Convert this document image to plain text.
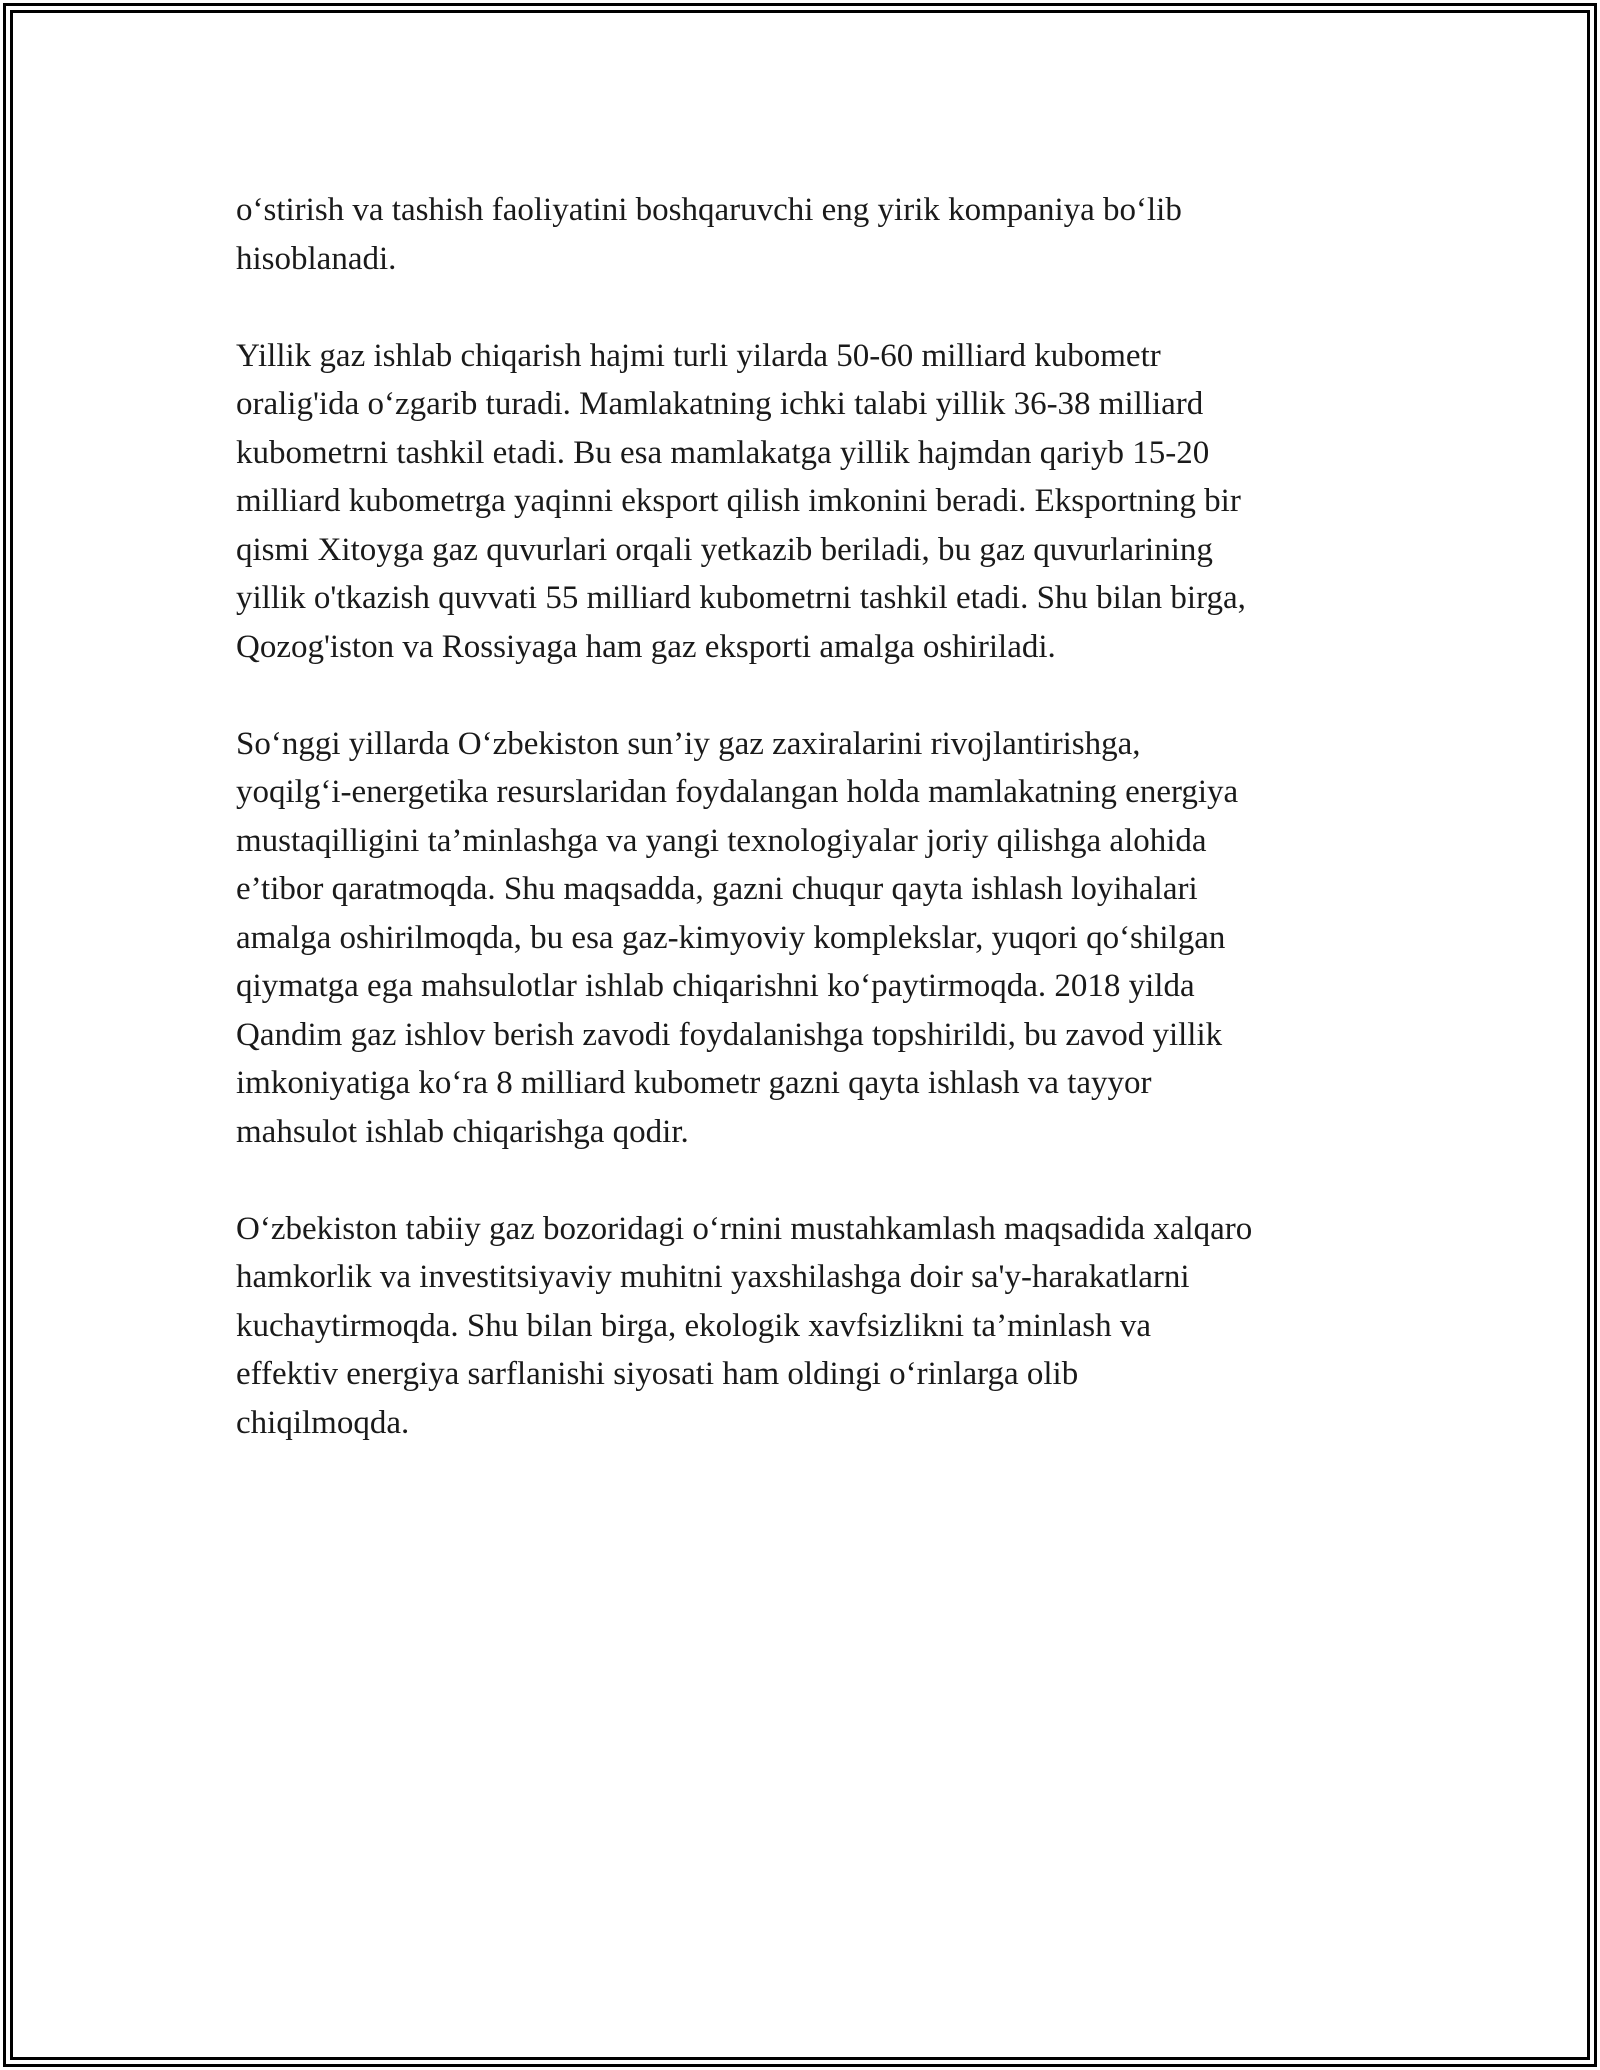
o‘stirish va tashish faoliyatini boshqaruvchi eng yirik kompaniya bo‘lib
hisoblanadi.

Yillik gaz ishlab chiqarish hajmi turli yilarda 50-60 milliard kubometr
oralig'ida o‘zgarib turadi. Mamlakatning ichki talabi yillik 36-38 milliard
kubometrni tashkil etadi. Bu esa mamlakatga yillik hajmdan qariyb 15-20
milliard kubometrga yaqinni eksport qilish imkonini beradi. Eksportning bir
qismi Xitoyga gaz quvurlari orqali yetkazib beriladi, bu gaz quvurlarining
yillik o'tkazish quvvati 55 milliard kubometrni tashkil etadi. Shu bilan birga,
Qozog'iston va Rossiyaga ham gaz eksporti amalga oshiriladi.

So‘nggi yillarda O‘zbekiston sun’iy gaz zaxiralarini rivojlantirishga,
yoqilg‘i-energetika resurslaridan foydalangan holda mamlakatning energiya
mustaqilligini ta’minlashga va yangi texnologiyalar joriy qilishga alohida
e’tibor qaratmoqda. Shu maqsadda, gazni chuqur qayta ishlash loyihalari
amalga oshirilmoqda, bu esa gaz-kimyoviy komplekslar, yuqori qo‘shilgan
qiymatga ega mahsulotlar ishlab chiqarishni ko‘paytirmoqda. 2018 yilda
Qandim gaz ishlov berish zavodi foydalanishga topshirildi, bu zavod yillik
imkoniyatiga ko‘ra 8 milliard kubometr gazni qayta ishlash va tayyor
mahsulot ishlab chiqarishga qodir.

O‘zbekiston tabiiy gaz bozoridagi o‘rnini mustahkamlash maqsadida xalqaro
hamkorlik va investitsiyaviy muhitni yaxshilashga doir sa'y-harakatlarni
kuchaytirmoqda. Shu bilan birga, ekologik xavfsizlikni ta’minlash va
effektiv energiya sarflanishi siyosati ham oldingi o‘rinlarga olib
chiqilmoqda.
